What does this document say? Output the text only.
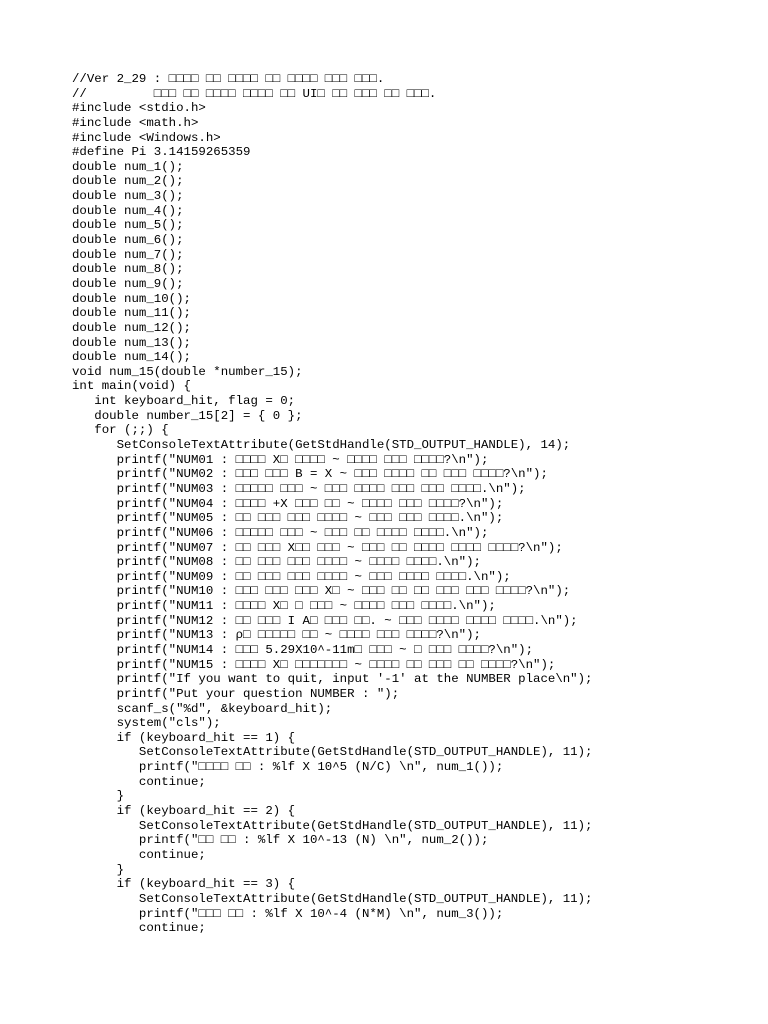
//Ver 2_29 : □□□□ □□ □□□□ □□ □□□□ □□□ □□□.
//         □□□ □□ □□□□ □□□□ □□ UI□ □□ □□□ □□ □□□.
#include <stdio.h>
#include <math.h>
#include <Windows.h>
#define Pi 3.14159265359
double num_1();
double num_2();
double num_3();
double num_4();
double num_5();
double num_6();
double num_7();
double num_8();
double num_9();
double num_10();
double num_11();
double num_12();
double num_13();
double num_14();
void num_15(double *number_15);
int main(void) {
int keyboard_hit, flag = 0;
double number_15[2] = { 0 };
for (;;) {
SetConsoleTextAttribute(GetStdHandle(STD_OUTPUT_HANDLE), 14);
printf("NUM01 : □□□□ X□ □□□□ ~ □□□□ □□□ □□□□?\n");
printf("NUM02 : □□□ □□□ B = X ~ □□□ □□□□ □□ □□□ □□□□?\n");
printf("NUM03 : □□□□□ □□□ ~ □□□ □□□□ □□□ □□□ □□□□.\n");
printf("NUM04 : □□□□ +X □□□ □□ ~ □□□□ □□□ □□□□?\n");
printf("NUM05 : □□ □□□ □□□ □□□□ ~ □□□ □□□ □□□□.\n");
printf("NUM06 : □□□□□ □□□ ~ □□□ □□ □□□□ □□□□.\n");
printf("NUM07 : □□ □□□ X□□ □□□ ~ □□□ □□ □□□□ □□□□ □□□□?\n");
printf("NUM08 : □□ □□□ □□□ □□□□ ~ □□□□ □□□□.\n");
printf("NUM09 : □□ □□□ □□□ □□□□ ~ □□□ □□□□ □□□□.\n");
printf("NUM10 : □□□ □□□ □□□ X□ ~ □□□ □□ □□ □□□ □□□ □□□□?\n");
printf("NUM11 : □□□□ X□ □ □□□ ~ □□□□ □□□ □□□□.\n");
printf("NUM12 : □□ □□□ I A□ □□□ □□. ~ □□□ □□□□ □□□□ □□□□.\n");
printf("NUM13 : ρ□ □□□□□ □□ ~ □□□□ □□□ □□□□?\n");
printf("NUM14 : □□□ 5.29X10^-11m□ □□□ ~ □ □□□ □□□□?\n");
printf("NUM15 : □□□□ X□ □□□□□□□ ~ □□□□ □□ □□□ □□ □□□□?\n");
printf("If you want to quit, input '-1' at the NUMBER place\n");
printf("Put your question NUMBER : ");
scanf_s("%d", &keyboard_hit);
system("cls");
if (keyboard_hit == 1) {
SetConsoleTextAttribute(GetStdHandle(STD_OUTPUT_HANDLE), 11);
printf("□□□□ □□ : %lf X 10^5 (N/C) \n", num_1());
continue;
}
if (keyboard_hit == 2) {
SetConsoleTextAttribute(GetStdHandle(STD_OUTPUT_HANDLE), 11);
printf("□□ □□ : %lf X 10^-13 (N) \n", num_2());
continue;
}
if (keyboard_hit == 3) {
SetConsoleTextAttribute(GetStdHandle(STD_OUTPUT_HANDLE), 11);
printf("□□□ □□ : %lf X 10^-4 (N*M) \n", num_3());
continue;
